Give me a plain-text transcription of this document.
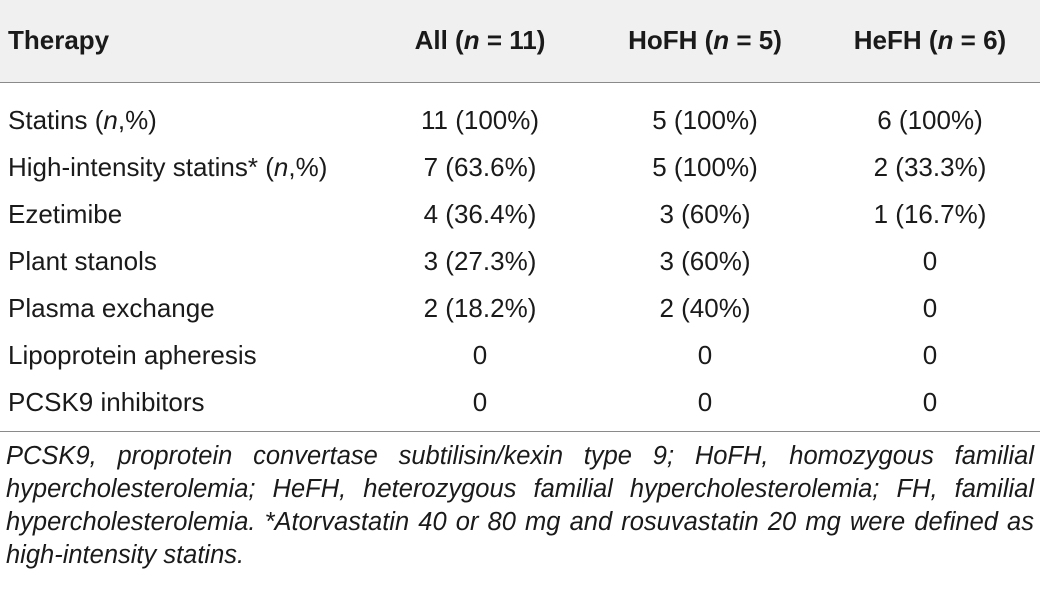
Therapy	All (n = 11)	HoFH (n = 5)	HeFH (n = 6)
Statins (n,%)	11 (100%)	5 (100%)	6 (100%)
High-intensity statins* (n,%)	7 (63.6%)	5 (100%)	2 (33.3%)
Ezetimibe	4 (36.4%)	3 (60%)	1 (16.7%)
Plant stanols	3 (27.3%)	3 (60%)	0
Plasma exchange	2 (18.2%)	2 (40%)	0
Lipoprotein apheresis	0	0	0
PCSK9 inhibitors	0	0	0
PCSK9, proprotein convertase subtilisin/kexin type 9; HoFH, homozygous familial hypercholesterolemia; HeFH, heterozygous familial hypercholesterolemia; FH, familial hypercholesterolemia. *Atorvastatin 40 or 80 mg and rosuvastatin 20 mg were defined as high-intensity statins.
